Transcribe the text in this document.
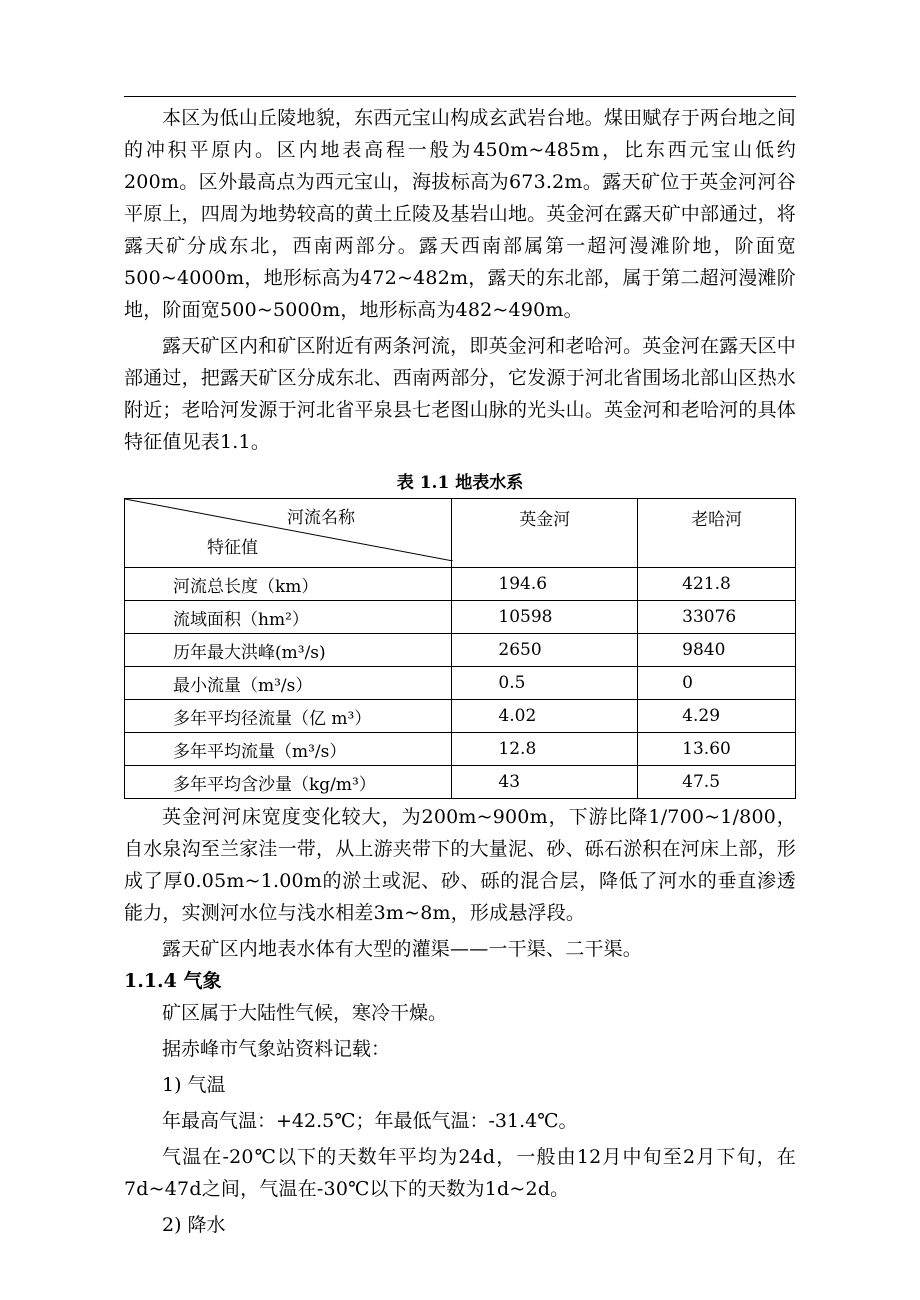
本区为低山丘陵地貌，东西元宝山构成玄武岩台地。煤田赋存于两台地之间的冲积平原内。区内地表高程一般为450m~485m，比东西元宝山低约200m。区外最高点为西元宝山，海拔标高为673.2m。露天矿位于英金河河谷平原上，四周为地势较高的黄土丘陵及基岩山地。英金河在露天矿中部通过，将露天矿分成东北，西南两部分。露天西南部属第一超河漫滩阶地，阶面宽500~4000m，地形标高为472~482m，露天的东北部，属于第二超河漫滩阶地，阶面宽500~5000m，地形标高为482~490m。

露天矿区内和矿区附近有两条河流，即英金河和老哈河。英金河在露天区中部通过，把露天矿区分成东北、西南两部分，它发源于河北省围场北部山区热水附近；老哈河发源于河北省平泉县七老图山脉的光头山。英金河和老哈河的具体特征值见表1.1。

表 1.1 地表水系
河流名称
特征值	英金河	老哈河
河流总长度（km）	194.6	421.8
流域面积（hm²）	10598	33076
历年最大洪峰(m³/s)	2650	9840
最小流量（m³/s）	0.5	0
多年平均径流量（亿 m³）	4.02	4.29
多年平均流量（m³/s）	12.8	13.60
多年平均含沙量（kg/m³）	43	47.5

英金河河床宽度变化较大，为200m~900m，下游比降1/700~1/800，自水泉沟至兰家洼一带，从上游夹带下的大量泥、砂、砾石淤积在河床上部，形成了厚0.05m~1.00m的淤土或泥、砂、砾的混合层，降低了河水的垂直渗透能力，实测河水位与浅水相差3m~8m，形成悬浮段。

露天矿区内地表水体有大型的灌渠——一干渠、二干渠。

1.1.4 气象

矿区属于大陆性气候，寒冷干燥。

据赤峰市气象站资料记载：

1) 气温

年最高气温：+42.5℃；年最低气温：-31.4℃。

气温在-20℃以下的天数年平均为24d，一般由12月中旬至2月下旬，在7d~47d之间，气温在-30℃以下的天数为1d~2d。

2) 降水
